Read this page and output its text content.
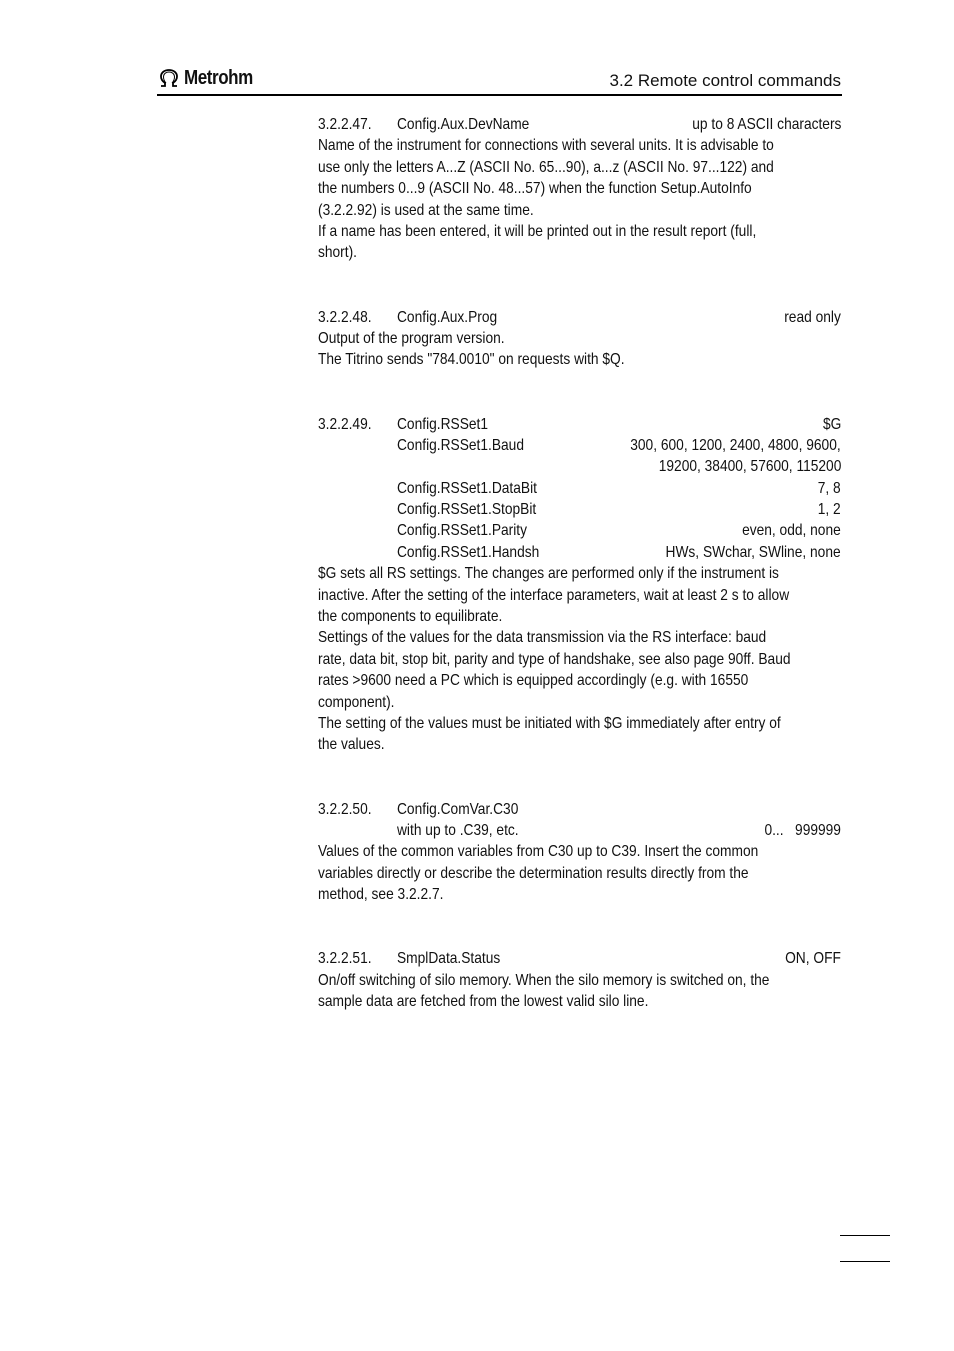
Metrohm	3.2 Remote control commands
3.2.2.47.	Config.Aux.DevName	up to 8 ASCII characters
Name of the instrument for connections with several units. It is advisable to
use only the letters A...Z (ASCII No. 65...90), a...z (ASCII No. 97...122) and
the numbers 0...9 (ASCII No. 48...57) when the function Setup.AutoInfo
(3.2.2.92) is used at the same time.
If a name has been entered, it will be printed out in the result report (full,
short).
3.2.2.48.	Config.Aux.Prog	read only
Output of the program version.
The Titrino sends "784.0010" on requests with $Q.
3.2.2.49.	Config.RSSet1	$G
Config.RSSet1.Baud	300, 600, 1200, 2400, 4800, 9600,
19200, 38400, 57600, 115200
Config.RSSet1.DataBit	7, 8
Config.RSSet1.StopBit	1, 2
Config.RSSet1.Parity	even, odd, none
Config.RSSet1.Handsh	HWs, SWchar, SWline, none
$G sets all RS settings. The changes are performed only if the instrument is
inactive. After the setting of the interface parameters, wait at least 2 s to allow
the components to equilibrate.
Settings of the values for the data transmission via the RS interface: baud
rate, data bit, stop bit, parity and type of handshake, see also page 90ff. Baud
rates >9600 need a PC which is equipped accordingly (e.g. with 16550
component).
The setting of the values must be initiated with $G immediately after entry of
the values.
3.2.2.50.	Config.ComVar.C30
with up to .C39, etc.	0...   999999
Values of the common variables from C30 up to C39. Insert the common
variables directly or describe the determination results directly from the
method, see 3.2.2.7.
3.2.2.51.	SmplData.Status	ON, OFF
On/off switching of silo memory. When the silo memory is switched on, the
sample data are fetched from the lowest valid silo line.
